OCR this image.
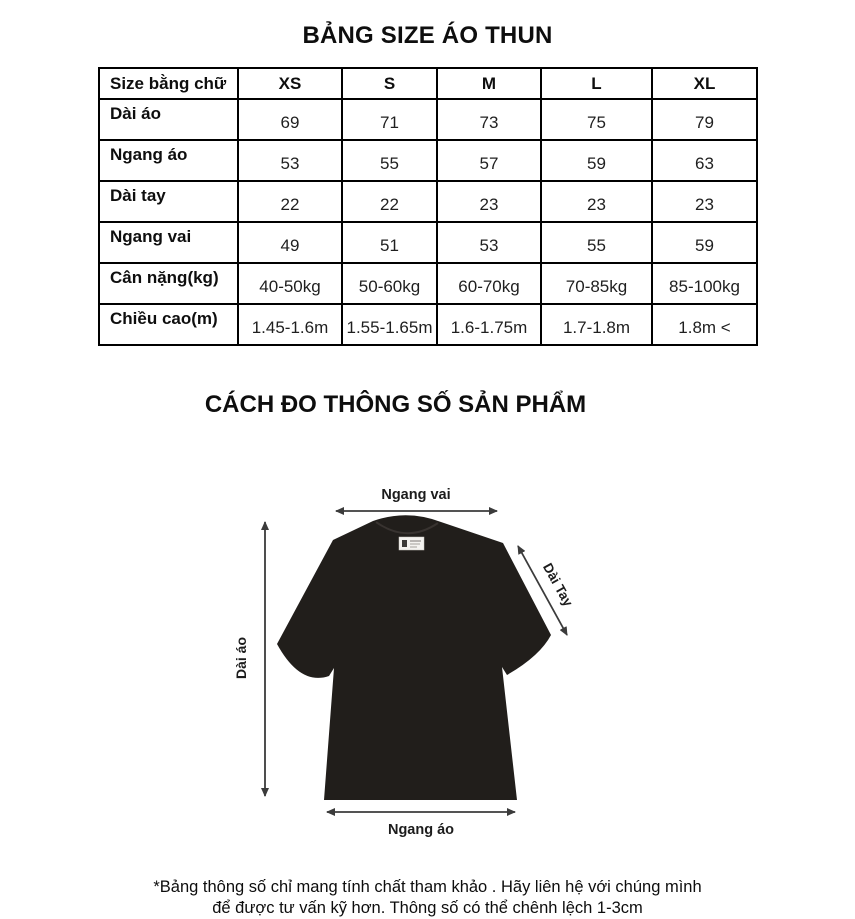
BẢNG SIZE ÁO THUN
Size bằng chữ	XS	S	M	L	XL
Dài áo	69	71	73	75	79
Ngang áo	53	55	57	59	63
Dài tay	22	22	23	23	23
Ngang vai	49	51	53	55	59
Cân nặng(kg)	40-50kg	50-60kg	60-70kg	70-85kg	85-100kg
Chiều cao(m)	1.45-1.6m	1.55-1.65m	1.6-1.75m	1.7-1.8m	1.8m <
CÁCH ĐO THÔNG SỐ SẢN PHẨM
Ngang vai
Dài áo
Dài Tay
Ngang áo

*Bảng thông số chỉ mang tính chất tham khảo . Hãy liên hệ với chúng mình
để được tư vấn kỹ hơn. Thông số có thể chênh lệch 1-3cm
